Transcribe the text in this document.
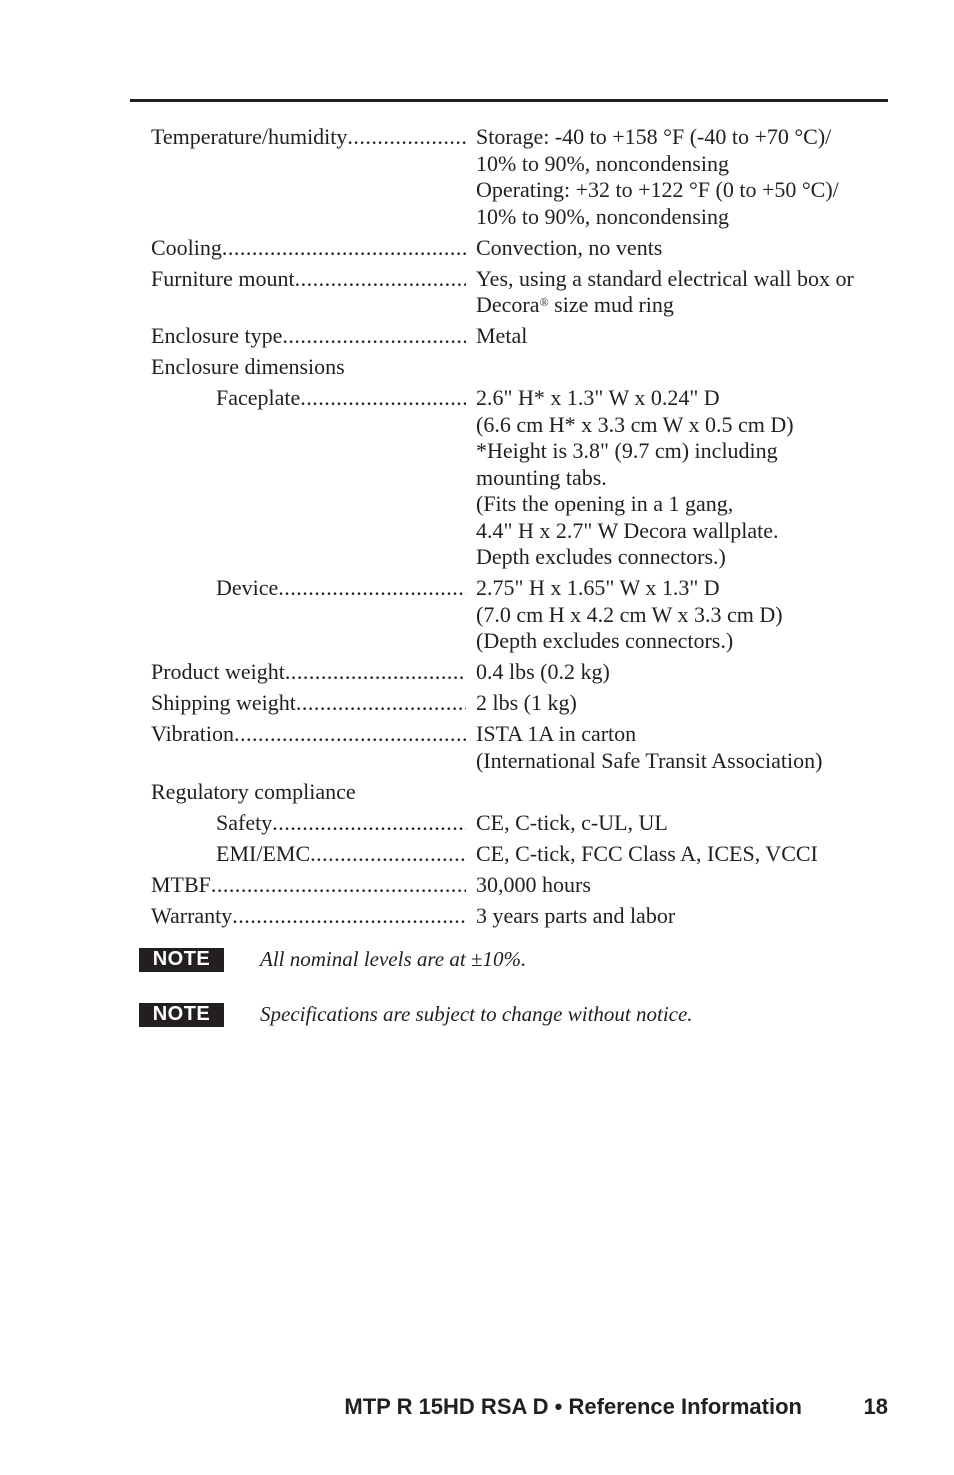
Temperature/humidity .....	Storage: -40 to +158 °F (-40 to +70 °C)/
10% to 90%, noncondensing
Operating: +32 to +122 °F (0 to +50 °C)/
10% to 90%, noncondensing
Cooling .....	Convection, no vents
Furniture mount .....	Yes, using a standard electrical wall box or
Decora® size mud ring
Enclosure type .....	Metal
Enclosure dimensions
Faceplate .....	2.6" H* x 1.3" W x 0.24" D
(6.6 cm H* x 3.3 cm W x 0.5 cm D)
*Height is 3.8" (9.7 cm) including
mounting tabs.
(Fits the opening in a 1 gang,
4.4" H x 2.7" W Decora wallplate.
Depth excludes connectors.)
Device .....	2.75" H x 1.65" W x 1.3" D
(7.0 cm H x 4.2 cm W x 3.3 cm D)
(Depth excludes connectors.)
Product weight .....	0.4 lbs (0.2 kg)
Shipping weight .....	2 lbs (1 kg)
Vibration .....	ISTA 1A in carton
(International Safe Transit Association)
Regulatory compliance
Safety .....	CE, C-tick, c-UL, UL
EMI/EMC .....	CE, C-tick, FCC Class A, ICES, VCCI
MTBF .....	30,000 hours
Warranty .....	3 years parts and labor
NOTE	All nominal levels are at ±10%.
NOTE	Specifications are subject to change without notice.
MTP R 15HD RSA D • Reference Information	18
